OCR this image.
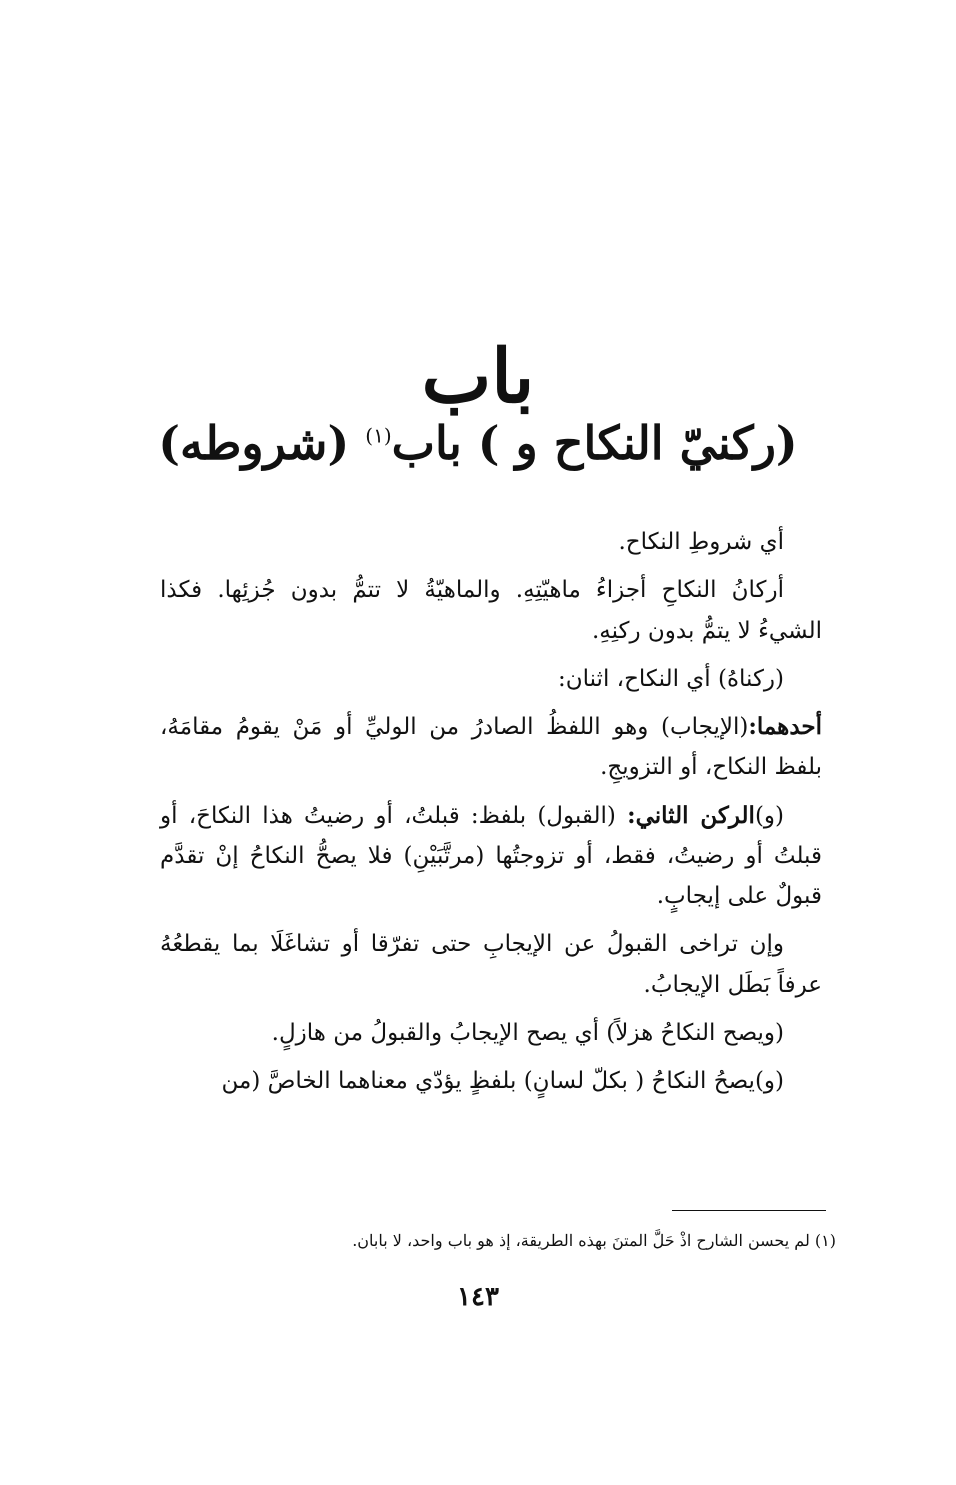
باب
(ركنيّ النكاح و ) باب$^{(١)}$ (شروطه)

أي شروطِ النكاح.

أركانُ النكاحِ أجزاءُ ماهيّتِهِ. والماهيّةُ لا تتمُّ بدون جُزئِها. فكذا الشيءُ لا يتمُّ بدون ركنِهِ.

(ركناهُ) أي النكاح، اثنان:

أحدهما:(الإيجاب) وهو اللفظُ الصادرُ من الوليِّ أو مَنْ يقومُ مقامَهُ، بلفظ النكاح، أو التزويجِ.

(و)الركن الثاني: (القبول) بلفظ: قبلتُ، أو رضيتُ هذا النكاحَ، أو قبلتُ أو رضيتُ، فقط، أو تزوجتُها (مرتَّبَيْنِ) فلا يصحُّ النكاحُ إنْ تقدَّم قبولٌ على إيجابٍ.

وإن تراخى القبولُ عن الإيجابِ حتى تفرّقا أو تشاغَلَا بما يقطعُهُ عرفاً بَطَل الإيجابُ.

(ويصح النكاحُ هزلاً) أي يصح الإيجابُ والقبولُ من هازلٍ.

(و)يصحُ النكاحُ ( بكلّ لسانٍ) بلفظٍ يؤدّي معناهما الخاصَّ (من

(١) لم يحسن الشارح اذْ حَلَّ المتنَ بهذه الطريقة، إذ هو باب واحد، لا بابان.
١٤٣
